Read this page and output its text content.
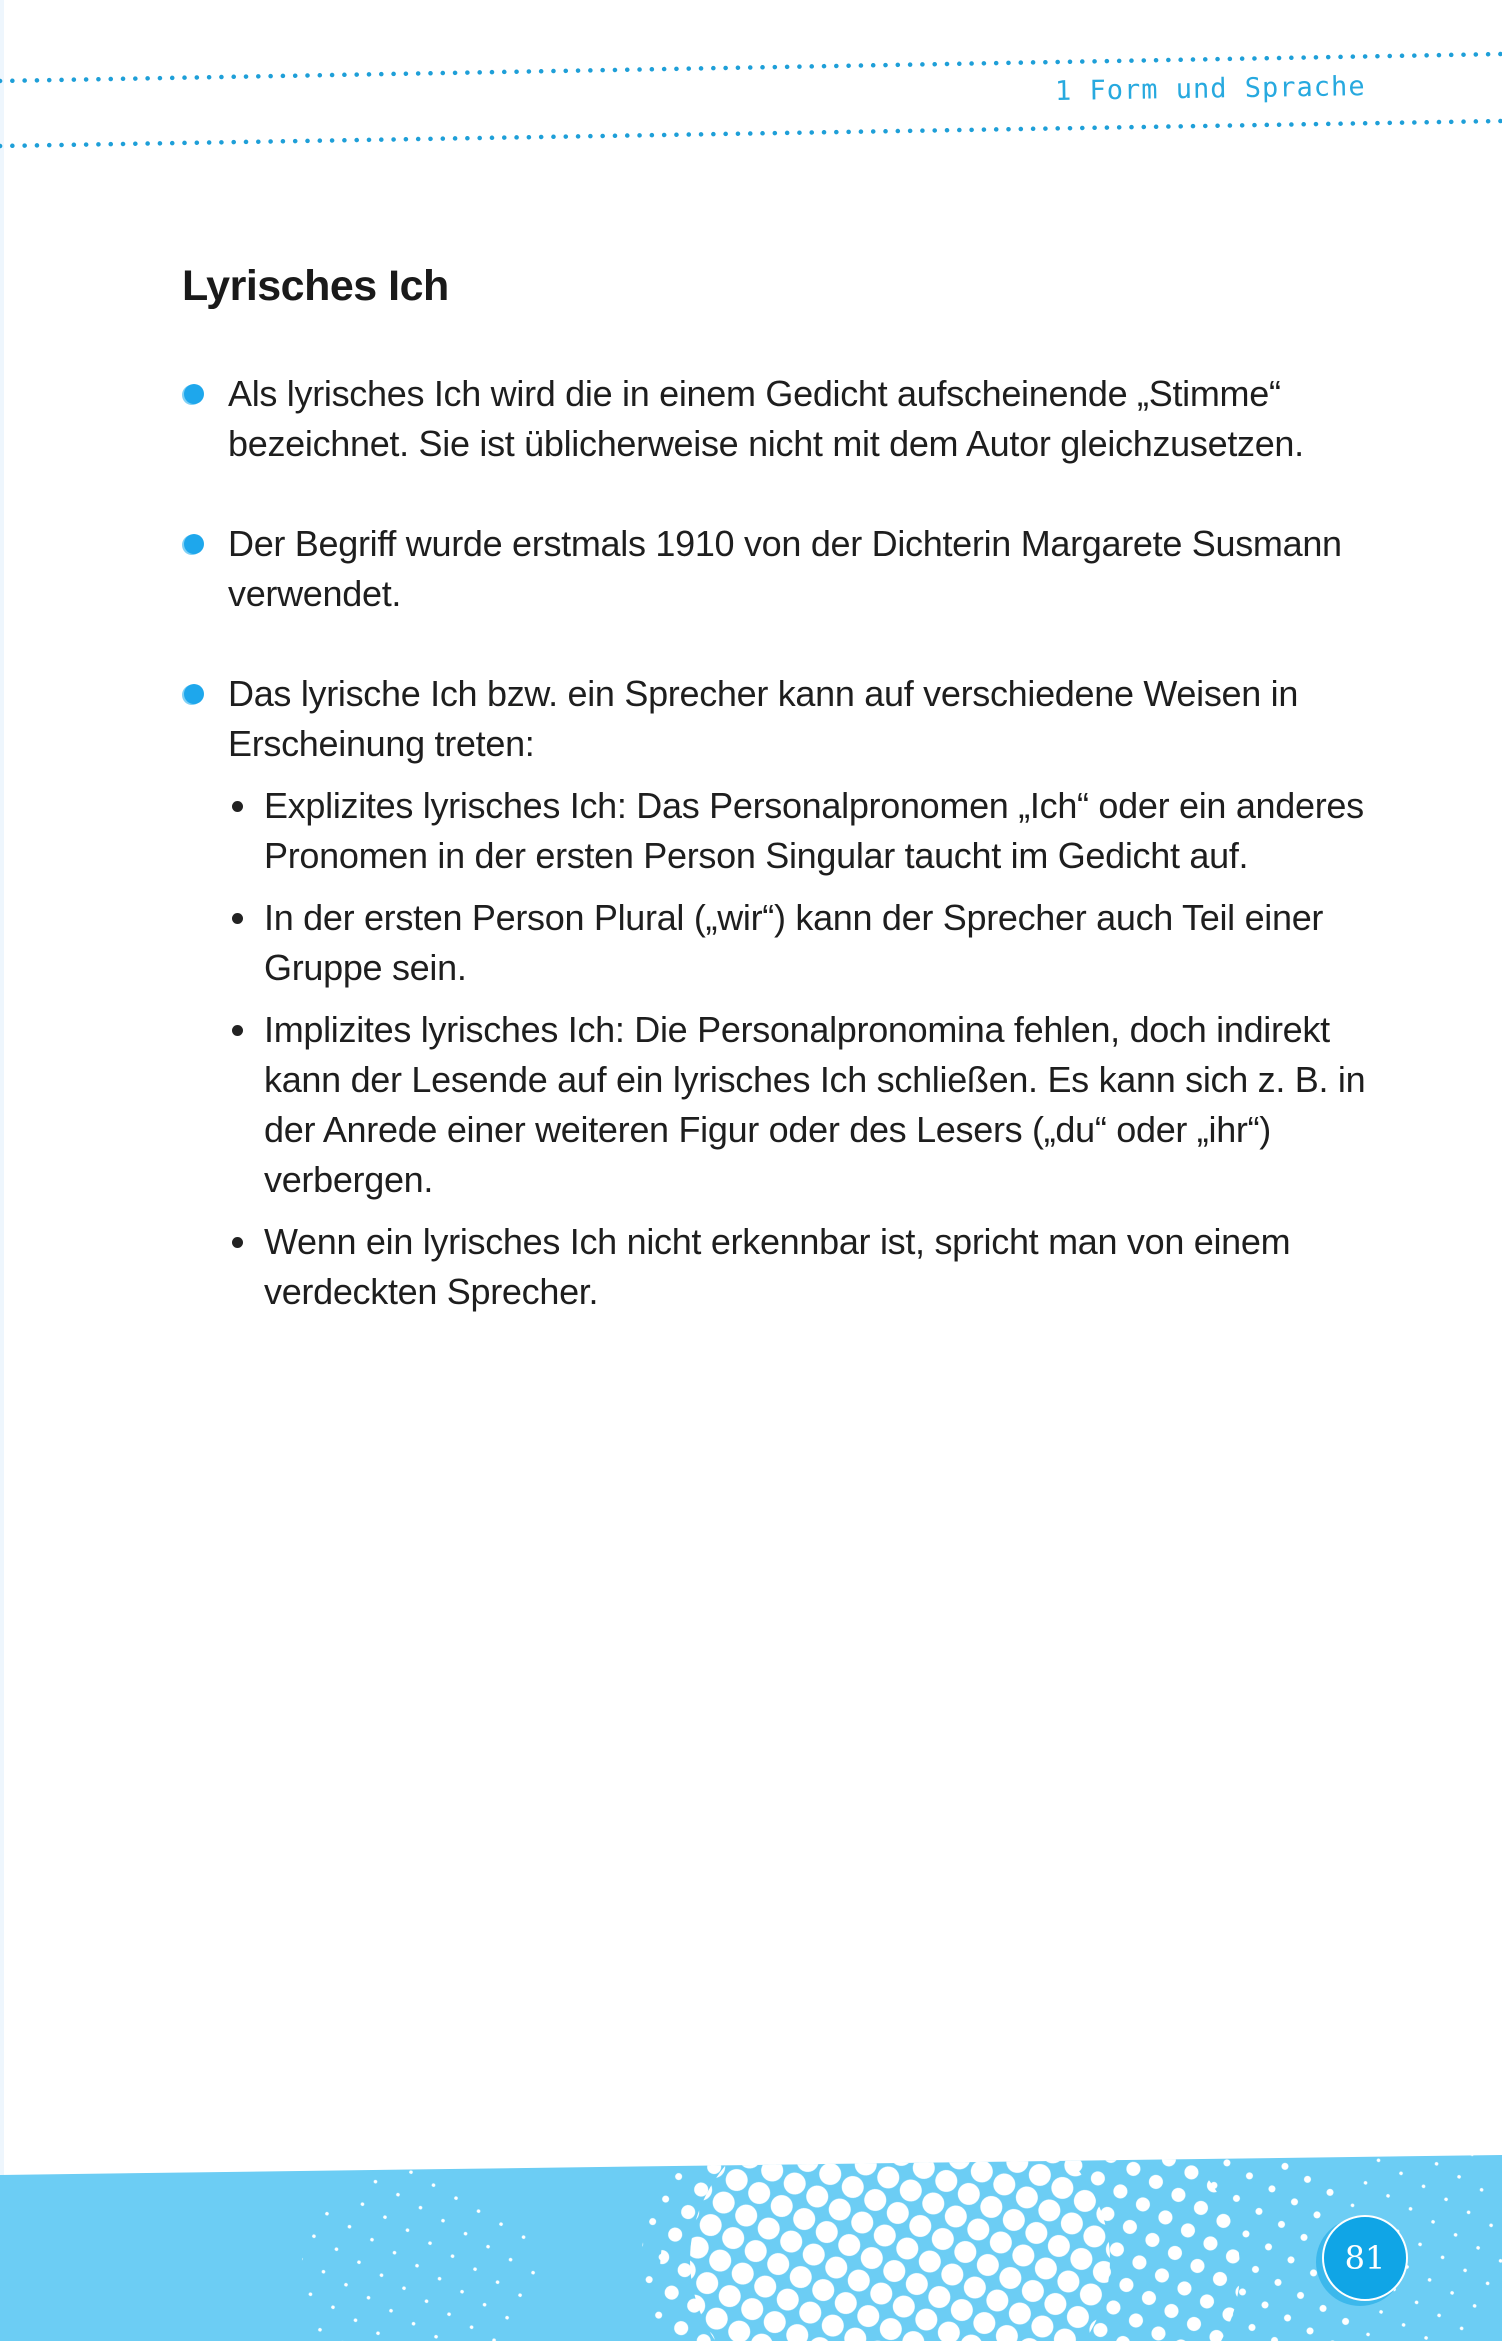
1 Form und Sprache
Lyrisches Ich
Als lyrisches Ich wird die in einem Gedicht aufscheinende „Stimme“ bezeichnet. Sie ist üblicherweise nicht mit dem Autor gleichzusetzen.
Der Begriff wurde erstmals 1910 von der Dichterin Margarete Susmann verwendet.
Das lyrische Ich bzw. ein Sprecher kann auf verschiedene Weisen in Erscheinung treten:
Explizites lyrisches Ich: Das Personalpronomen „Ich“ oder ein anderes Pronomen in der ersten Person Singular taucht im Gedicht auf.
In der ersten Person Plural („wir“) kann der Sprecher auch Teil einer Gruppe sein.
Implizites lyrisches Ich: Die Personalpronomina fehlen, doch indirekt kann der Lesende auf ein lyrisches Ich schließen. Es kann sich z. B. in der Anrede einer weiteren Figur oder des Lesers („du“ oder „ihr“) verbergen.
Wenn ein lyrisches Ich nicht erkennbar ist, spricht man von einem verdeckten Sprecher.
81
